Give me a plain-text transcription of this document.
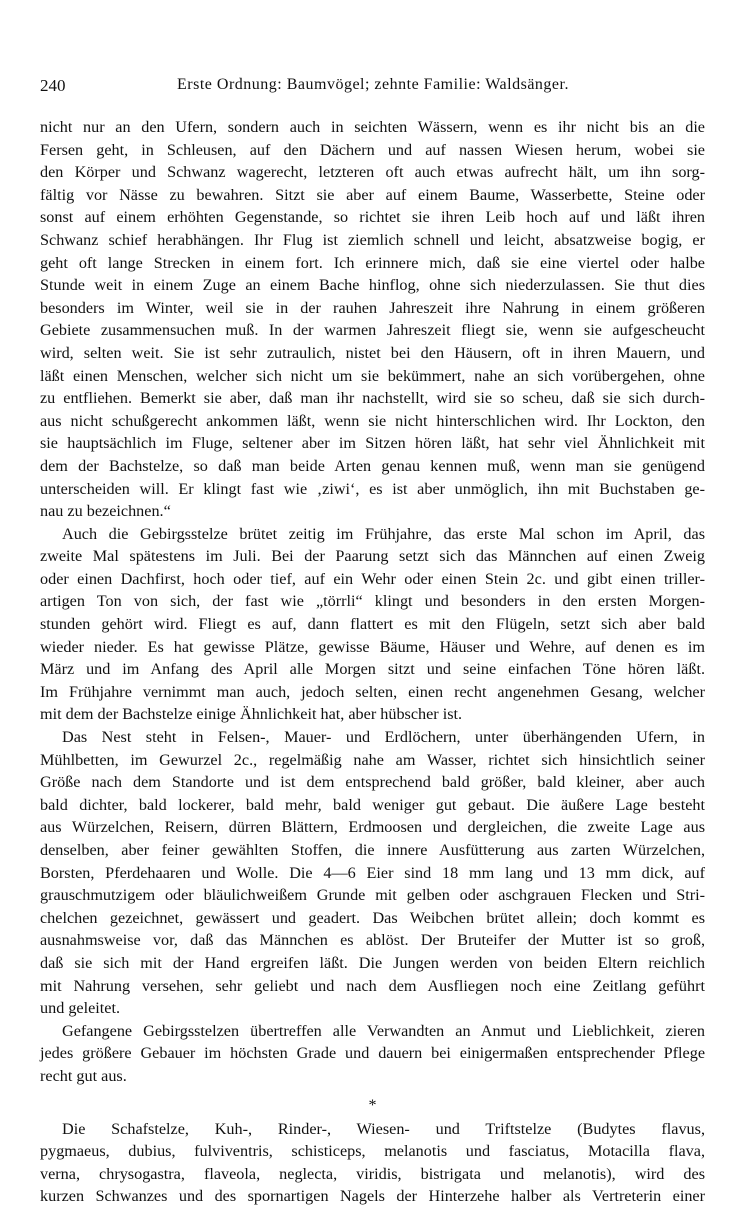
240	Erste Ordnung: Baumvögel; zehnte Familie: Waldsänger.
nicht nur an den Ufern, sondern auch in seichten Wässern, wenn es ihr nicht bis an die
Fersen geht, in Schleusen, auf den Dächern und auf nassen Wiesen herum, wobei sie
den Körper und Schwanz wagerecht, letzteren oft auch etwas aufrecht hält, um ihn sorg-
fältig vor Nässe zu bewahren. Sitzt sie aber auf einem Baume, Wasserbette, Steine oder
sonst auf einem erhöhten Gegenstande, so richtet sie ihren Leib hoch auf und läßt ihren
Schwanz schief herabhängen. Ihr Flug ist ziemlich schnell und leicht, absatzweise bogig, er
geht oft lange Strecken in einem fort. Ich erinnere mich, daß sie eine viertel oder halbe
Stunde weit in einem Zuge an einem Bache hinflog, ohne sich niederzulassen. Sie thut dies
besonders im Winter, weil sie in der rauhen Jahreszeit ihre Nahrung in einem größeren
Gebiete zusammensuchen muß. In der warmen Jahreszeit fliegt sie, wenn sie aufgescheucht
wird, selten weit. Sie ist sehr zutraulich, nistet bei den Häusern, oft in ihren Mauern, und
läßt einen Menschen, welcher sich nicht um sie bekümmert, nahe an sich vorübergehen, ohne
zu entfliehen. Bemerkt sie aber, daß man ihr nachstellt, wird sie so scheu, daß sie sich durch-
aus nicht schußgerecht ankommen läßt, wenn sie nicht hinterschlichen wird. Ihr Lockton, den
sie hauptsächlich im Fluge, seltener aber im Sitzen hören läßt, hat sehr viel Ähnlichkeit mit
dem der Bachstelze, so daß man beide Arten genau kennen muß, wenn man sie genügend
unterscheiden will. Er klingt fast wie ‚ziwi‘, es ist aber unmöglich, ihn mit Buchstaben ge-
nau zu bezeichnen.“
Auch die Gebirgsstelze brütet zeitig im Frühjahre, das erste Mal schon im April, das
zweite Mal spätestens im Juli. Bei der Paarung setzt sich das Männchen auf einen Zweig
oder einen Dachfirst, hoch oder tief, auf ein Wehr oder einen Stein 2c. und gibt einen triller-
artigen Ton von sich, der fast wie „törrli“ klingt und besonders in den ersten Morgen-
stunden gehört wird. Fliegt es auf, dann flattert es mit den Flügeln, setzt sich aber bald
wieder nieder. Es hat gewisse Plätze, gewisse Bäume, Häuser und Wehre, auf denen es im
März und im Anfang des April alle Morgen sitzt und seine einfachen Töne hören läßt.
Im Frühjahre vernimmt man auch, jedoch selten, einen recht angenehmen Gesang, welcher
mit dem der Bachstelze einige Ähnlichkeit hat, aber hübscher ist.
Das Nest steht in Felsen-, Mauer- und Erdlöchern, unter überhängenden Ufern, in
Mühlbetten, im Gewurzel 2c., regelmäßig nahe am Wasser, richtet sich hinsichtlich seiner
Größe nach dem Standorte und ist dem entsprechend bald größer, bald kleiner, aber auch
bald dichter, bald lockerer, bald mehr, bald weniger gut gebaut. Die äußere Lage besteht
aus Würzelchen, Reisern, dürren Blättern, Erdmoosen und dergleichen, die zweite Lage aus
denselben, aber feiner gewählten Stoffen, die innere Ausfütterung aus zarten Würzelchen,
Borsten, Pferdehaaren und Wolle. Die 4—6 Eier sind 18 mm lang und 13 mm dick, auf
grauschmutzigem oder bläulichweißem Grunde mit gelben oder aschgrauen Flecken und Stri-
chelchen gezeichnet, gewässert und geadert. Das Weibchen brütet allein; doch kommt es
ausnahmsweise vor, daß das Männchen es ablöst. Der Bruteifer der Mutter ist so groß,
daß sie sich mit der Hand ergreifen läßt. Die Jungen werden von beiden Eltern reichlich
mit Nahrung versehen, sehr geliebt und nach dem Ausfliegen noch eine Zeitlang geführt
und geleitet.
Gefangene Gebirgsstelzen übertreffen alle Verwandten an Anmut und Lieblichkeit, zieren
jedes größere Gebauer im höchsten Grade und dauern bei einigermaßen entsprechender Pflege
recht gut aus.
*
Die Schafstelze, Kuh-, Rinder-, Wiesen- und Triftstelze (Budytes flavus,
pygmaeus, dubius, fulviventris, schisticeps, melanotis und fasciatus, Motacilla flava,
verna, chrysogastra, flaveola, neglecta, viridis, bistrigata und melanotis), wird des
kurzen Schwanzes und des spornartigen Nagels der Hinterzehe halber als Vertreterin einer
